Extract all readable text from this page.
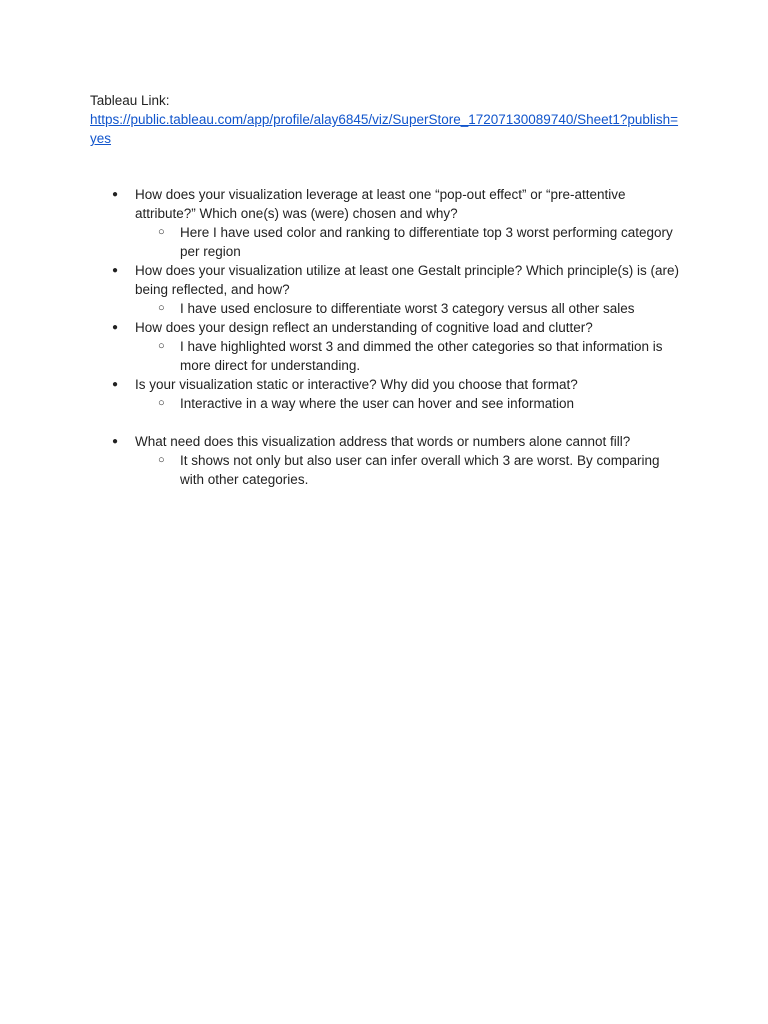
Tableau Link:

https://public.tableau.com/app/profile/alay6845/viz/SuperStore_17207130089740/Sheet1?publish=yes
● How does your visualization leverage at least one “pop-out effect” or “pre-attentive attribute?” Which one(s) was (were) chosen and why?
○ Here I have used color and ranking to differentiate top 3 worst performing category per region
● How does your visualization utilize at least one Gestalt principle? Which principle(s) is (are) being reflected, and how?
○ I have used enclosure to differentiate worst 3 category versus all other sales
● How does your design reflect an understanding of cognitive load and clutter?
○ I have highlighted worst 3 and dimmed the other categories so that information is more direct for understanding.
● Is your visualization static or interactive? Why did you choose that format?
○ Interactive in a way where the user can hover and see information
● What need does this visualization address that words or numbers alone cannot fill?
○ It shows not only but also user can infer overall which 3 are worst. By comparing with other categories.
